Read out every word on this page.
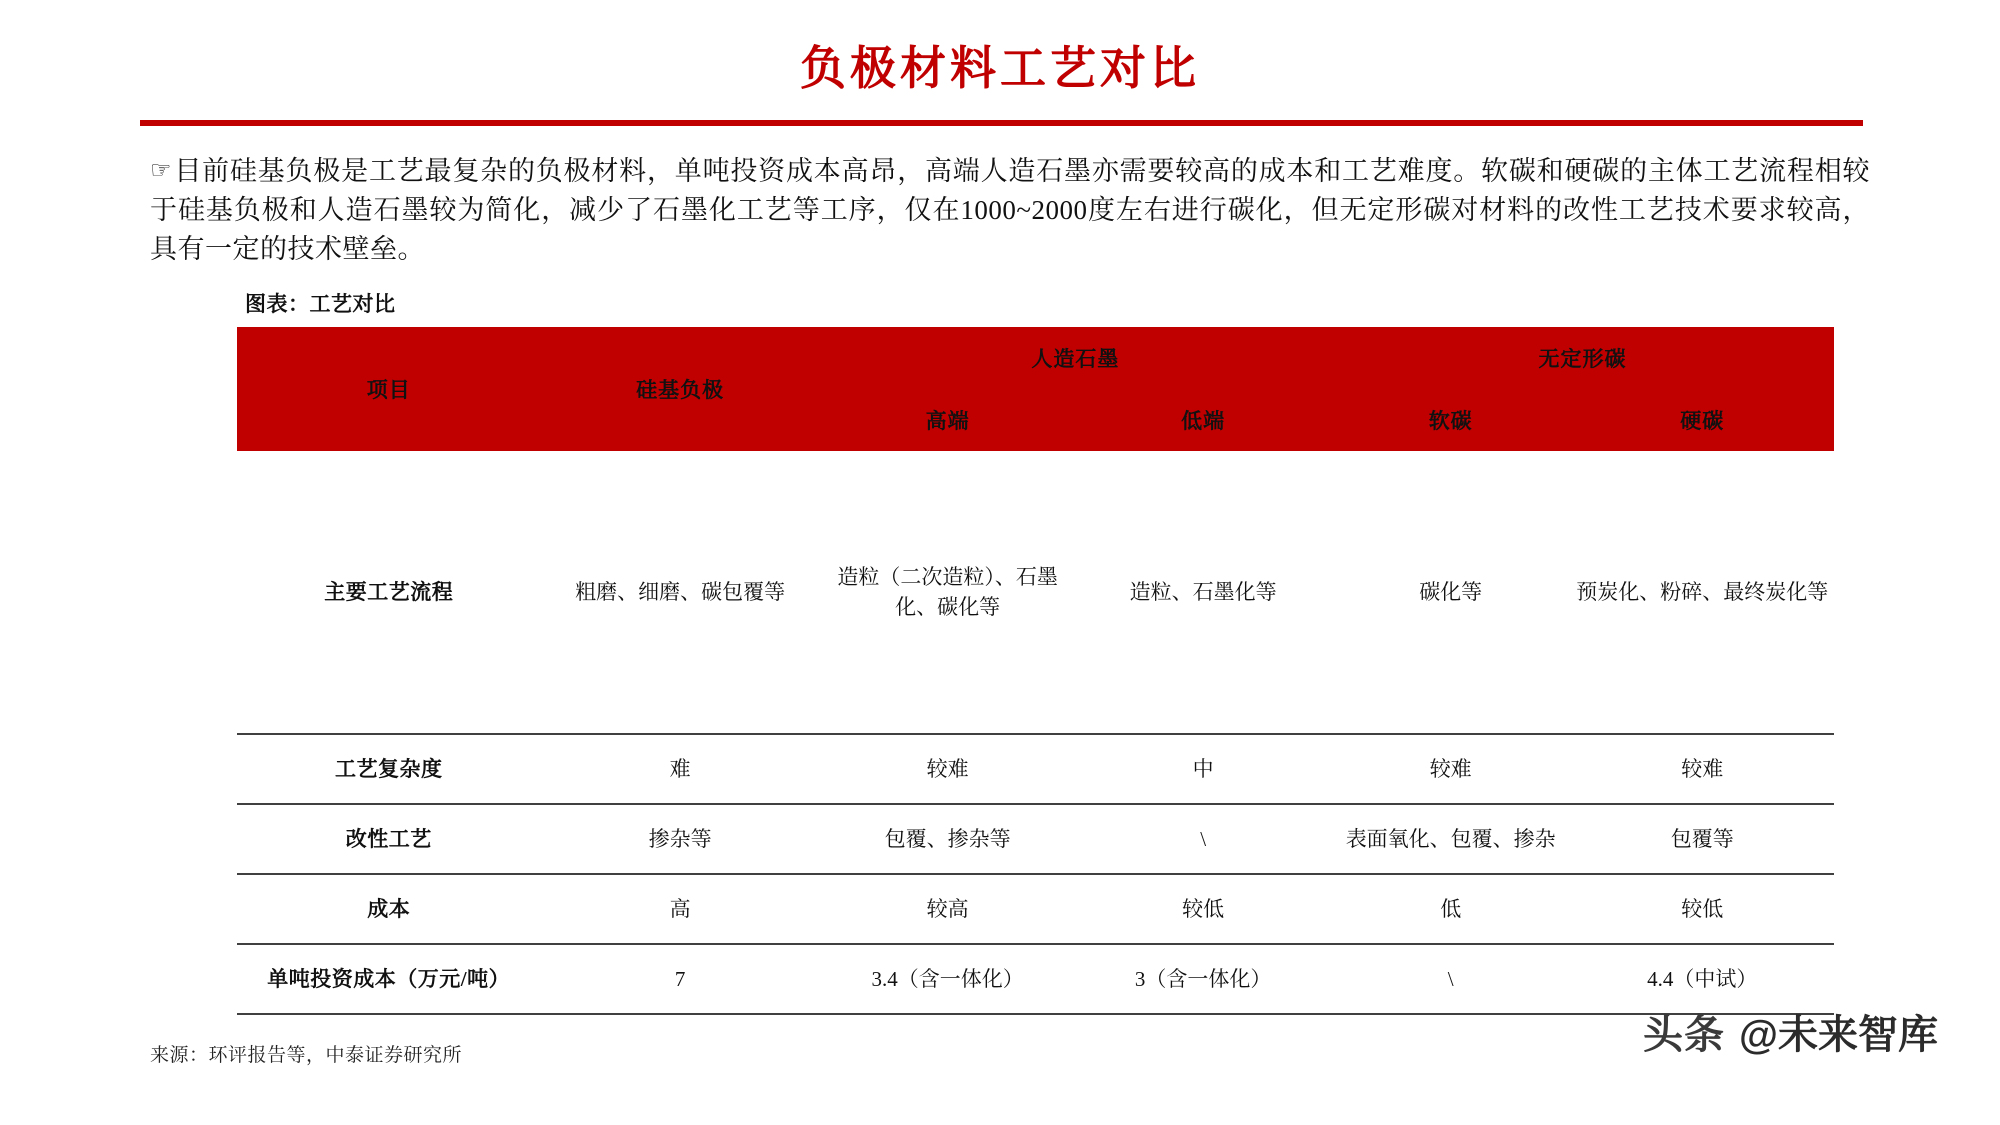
负极材料工艺对比
☞目前硅基负极是工艺最复杂的负极材料，单吨投资成本高昂，高端人造石墨亦需要较高的成本和工艺难度。软碳和硬碳的主体工艺流程相较于硅基负极和人造石墨较为简化，减少了石墨化工艺等工序，仅在1000~2000度左右进行碳化，但无定形碳对材料的改性工艺技术要求较高，具有一定的技术壁垒。
图表：工艺对比
项目	硅基负极	人造石墨		无定形碳	
		高端	低端	软碳	硬碳

主要工艺流程	粗磨、细磨、碳包覆等	造粒（二次造粒）、石墨化、碳化等	造粒、石墨化等	碳化等	预炭化、粉碎、最终炭化等

工艺复杂度	难	较难	中	较难	较难

改性工艺	掺杂等	包覆、掺杂等	\	表面氧化、包覆、掺杂	包覆等

成本	高	较高	较低	低	较低

单吨投资成本（万元/吨）	7	3.4（含一体化）	3（含一体化）	\	4.4（中试）

来源：环评报告等，中泰证券研究所	头条 @未来智库
